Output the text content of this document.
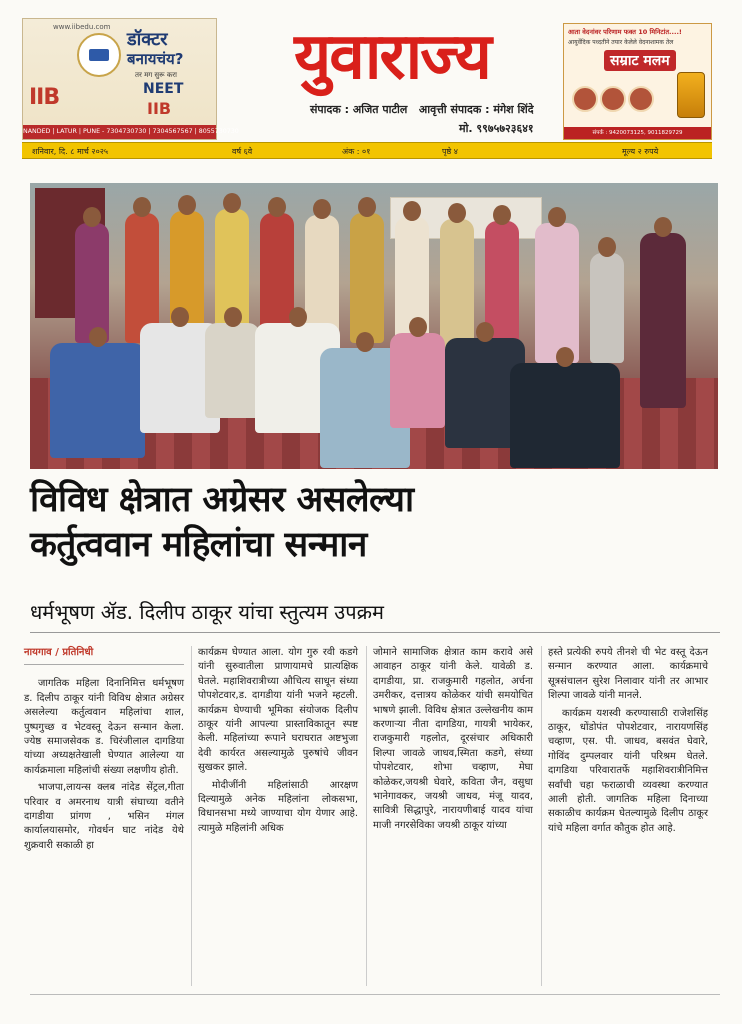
www.iibedu.com
IIB
डॉक्टर
बनायचंय?
तर मग सुरू करा
NEET
IIB
NANDED | LATUR | PUNE - 7304730730 | 7304567567 | 8055730730
युवाराज्य
संपादक : अजित पाटील आवृत्ती संपादक : मंगेश शिंदे
मो. ९९७५७२३६४१
आता वेदनांवर परिणाम फक्त 10 मिनिटांत....!
आयुर्वेदिक पध्दतीने तयार केलेले वेदनाशामक तेल
सम्राट मलम
संपर्क : 9420073125, 9011829729
शनिवार, दि. ८ मार्च २०२५	वर्ष ६वे	अंक : ०१	पृष्ठे ४	मूल्य २ रुपये
विविध क्षेत्रात अग्रेसर असलेल्या
कर्तुत्ववान महिलांचा सन्मान
धर्मभूषण ॲड. दिलीप ठाकूर यांचा स्तुत्यम उपक्रम
नायगाव / प्रतिनिधी

जागतिक महिला दिनानिमित्त धर्मभूषण ड. दिलीप ठाकूर यांनी विविध क्षेत्रात अग्रेसर असलेल्या कर्तुत्ववान महिलांचा शाल, पुष्पगुच्छ व भेटवस्तू देऊन सन्मान केला. ज्येष्ठ समाजसेवक ड. चिरंजीलाल दागडिया यांच्या अध्यक्षतेखाली घेण्यात आलेल्या या कार्यक्रमाला महिलांची संख्या लक्षणीय होती.

भाजपा,लायन्स क्लब नांदेड सेंट्रल,गीता परिवार व अमरनाथ यात्री संघाच्या वतीने दागडीया प्रांगण , भसिन मंगल कार्यालयासमोर, गोवर्धन घाट नांदेड येथे शुक्रवारी सकाळी हा

कार्यक्रम घेण्यात आला. योग गुरु रवी कडगे यांनी सुरुवातीला प्राणायामचे प्रात्यक्षिक घेतले. महाशिवरात्रीच्या औचित्य साधून संध्या पोपशेटवार,ड. दागडीया यांनी भजने म्हटली. कार्यक्रम घेण्याची भूमिका संयोजक दिलीप ठाकूर यांनी आपल्या प्रास्ताविकातून स्पष्ट केली. महिलांच्या रूपाने घराघरात अष्टभुजा देवी कार्यरत असल्यामुळे पुरुषांचे जीवन सुखकर झाले.

मोदीजींनी महिलांसाठी आरक्षण दिल्यामुळे अनेक महिलांना लोकसभा, विधानसभा मध्ये जाण्याचा योग येणार आहे. त्यामुळे महिलांनी अधिक

जोमाने सामाजिक क्षेत्रात काम करावे असे आवाहन ठाकूर यांनी केले. यावेळी ड. दागडीया, प्रा. राजकुमारी गहलोत, अर्चना उमरीकर, दत्तात्रय कोळेकर यांची समयोचित भाषणे झाली. विविध क्षेत्रात उल्लेखनीय काम करणाऱ्या नीता दागडिया, गायत्री भायेकर, राजकुमारी गहलोत, दूरसंचार अधिकारी शिल्पा जावळे जाधव,स्मिता कडगे, संध्या पोपशेटवार, शोभा चव्हाण, मेघा कोळेकर,जयश्री घेवारे, कविता जैन, वसुधा भानेगावकर, जयश्री जाधव, मंजू यादव, सावित्री सिद्धापुरे, नारायणीबाई यादव यांचा माजी नगरसेविका जयश्री ठाकूर यांच्या

हस्ते प्रत्येकी रुपये तीनशे ची भेट वस्तू देऊन सन्मान करण्यात आला. कार्यक्रमाचे सूत्रसंचालन सुरेश निलावार यांनी तर आभार शिल्पा जावळे यांनी मानले.

कार्यक्रम यशस्वी करण्यासाठी राजेशसिंह ठाकूर, धोंडोपंत पोपशेटवार, नारायणसिंह चव्हाण, एस. पी. जाधव, बसवंत घेवारे, गोविंद दुम्पलवार यांनी परिश्रम घेतले. दागडिया परिवारातर्फे महाशिवरात्रीनिमित्त सर्वांची चहा फराळाची व्यवस्था करण्यात आली होती. जागतिक महिला दिनाच्या सकाळीच कार्यक्रम घेतल्यामुळे दिलीप ठाकूर यांचे महिला वर्गात कौतुक होत आहे.
